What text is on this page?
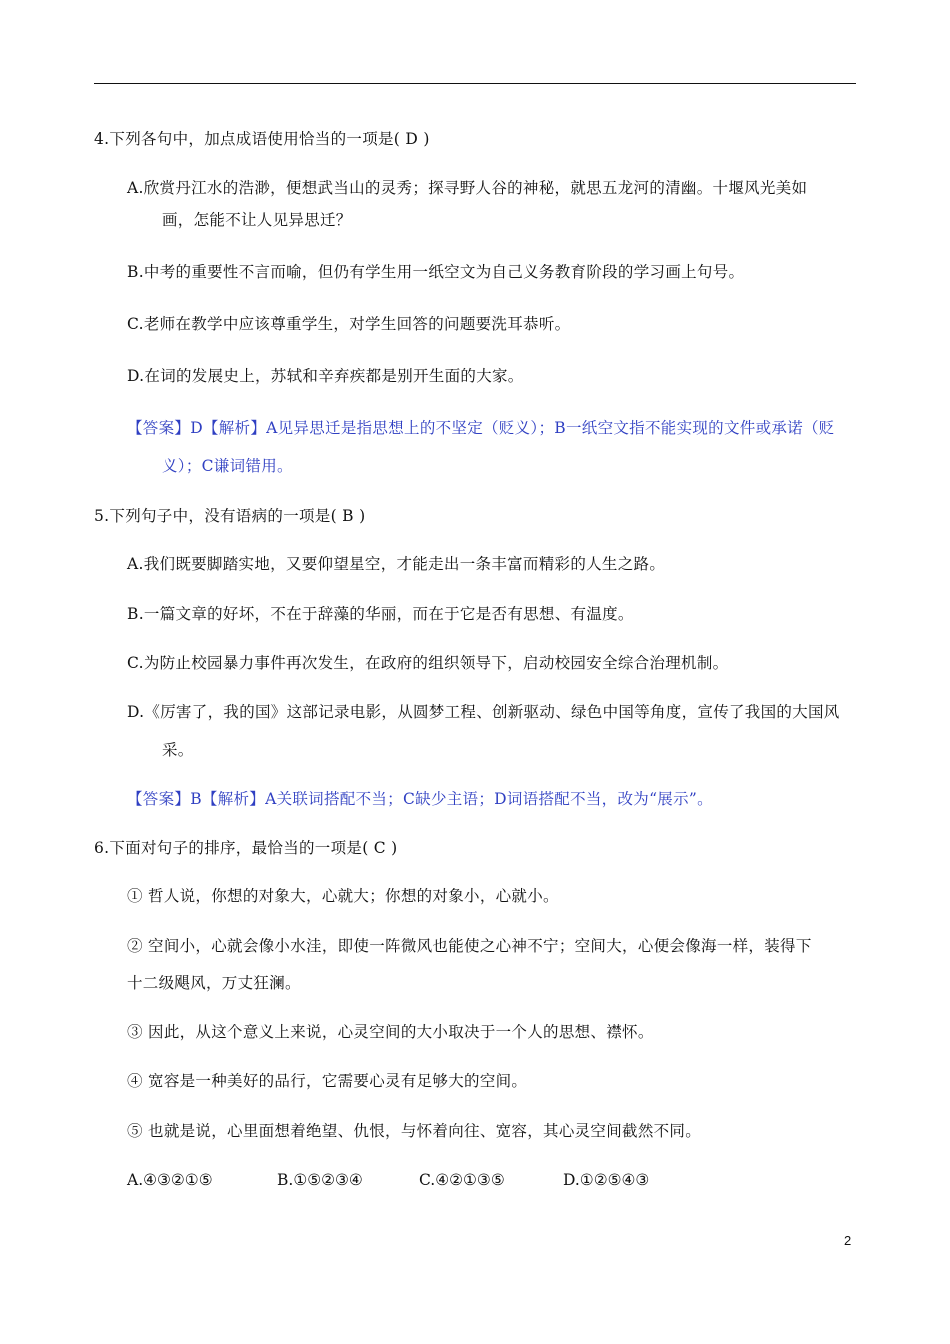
4.下列各句中，加点成语使用恰当的一项是( D )
A.欣赏丹江水的浩渺，便想武当山的灵秀；探寻野人谷的神秘，就思五龙河的清幽。十堰风光美如
画，怎能不让人见异思迁？
B.中考的重要性不言而喻，但仍有学生用一纸空文为自己义务教育阶段的学习画上句号。
C.老师在教学中应该尊重学生，对学生回答的问题要洗耳恭听。
D.在词的发展史上，苏轼和辛弃疾都是别开生面的大家。
【答案】D【解析】A见异思迁是指思想上的不坚定（贬义）；B一纸空文指不能实现的文件或承诺（贬
义）；C谦词错用。
5.下列句子中，没有语病的一项是( B )
A.我们既要脚踏实地，又要仰望星空，才能走出一条丰富而精彩的人生之路。
B.一篇文章的好坏，不在于辞藻的华丽，而在于它是否有思想、有温度。
C.为防止校园暴力事件再次发生，在政府的组织领导下，启动校园安全综合治理机制。
D.《厉害了，我的国》这部记录电影，从圆梦工程、创新驱动、绿色中国等角度，宣传了我国的大国风
采。
【答案】B【解析】A关联词搭配不当；C缺少主语；D词语搭配不当，改为“展示”。
6.下面对句子的排序，最恰当的一项是( C )
① 哲人说，你想的对象大，心就大；你想的对象小，心就小。
② 空间小，心就会像小水洼，即使一阵微风也能使之心神不宁；空间大，心便会像海一样，装得下
十二级飓风，万丈狂澜。
③ 因此，从这个意义上来说，心灵空间的大小取决于一个人的思想、襟怀。
④ 宽容是一种美好的品行，它需要心灵有足够大的空间。
⑤ 也就是说，心里面想着绝望、仇恨，与怀着向往、宽容，其心灵空间截然不同。
A.④③②①⑤	B.①⑤②③④	C.④②①③⑤	D.①②⑤④③
2
